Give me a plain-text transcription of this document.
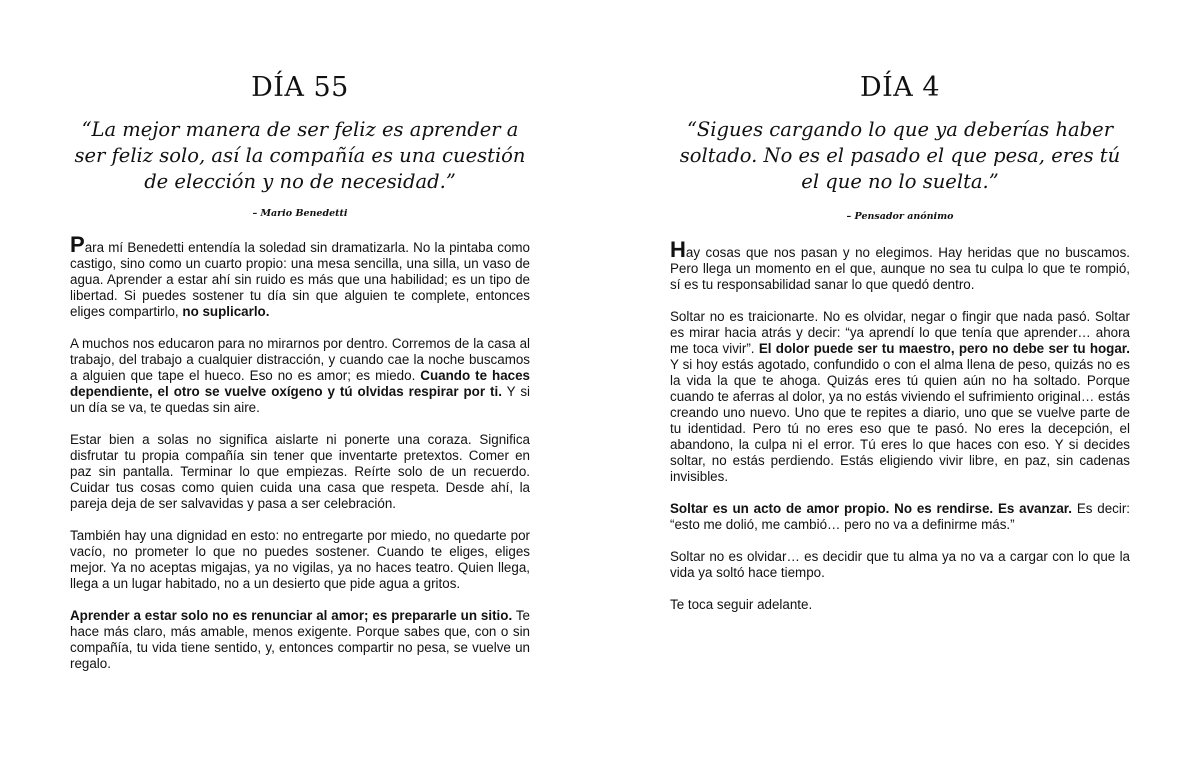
DÍA 55

“La mejor manera de ser feliz es aprender a ser feliz solo, así la compañía es una cuestión de elección y no de necesidad.”

– Mario Benedetti

Para mí Benedetti entendía la soledad sin dramatizarla. No la pintaba como castigo, sino como un cuarto propio: una mesa sencilla, una silla, un vaso de agua. Aprender a estar ahí sin ruido es más que una habilidad; es un tipo de libertad. Si puedes sostener tu día sin que alguien te complete, entonces eliges compartirlo, no suplicarlo.

A muchos nos educaron para no mirarnos por dentro. Corremos de la casa al trabajo, del trabajo a cualquier distracción, y cuando cae la noche buscamos a alguien que tape el hueco. Eso no es amor; es miedo. Cuando te haces dependiente, el otro se vuelve oxígeno y tú olvidas respirar por ti. Y si un día se va, te quedas sin aire.

Estar bien a solas no significa aislarte ni ponerte una coraza. Significa disfrutar tu propia compañía sin tener que inventarte pretextos. Comer en paz sin pantalla. Terminar lo que empiezas. Reírte solo de un recuerdo. Cuidar tus cosas como quien cuida una casa que respeta. Desde ahí, la pareja deja de ser salvavidas y pasa a ser celebración.

También hay una dignidad en esto: no entregarte por miedo, no quedarte por vacío, no prometer lo que no puedes sostener. Cuando te eliges, eliges mejor. Ya no aceptas migajas, ya no vigilas, ya no haces teatro. Quien llega, llega a un lugar habitado, no a un desierto que pide agua a gritos.

Aprender a estar solo no es renunciar al amor; es prepararle un sitio. Te hace más claro, más amable, menos exigente. Porque sabes que, con o sin compañía, tu vida tiene sentido, y, entonces compartir no pesa, se vuelve un regalo.

DÍA 4

“Sigues cargando lo que ya deberías haber soltado. No es el pasado el que pesa, eres tú el que no lo suelta.”

– Pensador anónimo

Hay cosas que nos pasan y no elegimos. Hay heridas que no buscamos. Pero llega un momento en el que, aunque no sea tu culpa lo que te rompió, sí es tu responsabilidad sanar lo que quedó dentro.

Soltar no es traicionarte. No es olvidar, negar o fingir que nada pasó. Soltar es mirar hacia atrás y decir: “ya aprendí lo que tenía que aprender… ahora me toca vivir”. El dolor puede ser tu maestro, pero no debe ser tu hogar. Y si hoy estás agotado, confundido o con el alma llena de peso, quizás no es la vida la que te ahoga. Quizás eres tú quien aún no ha soltado. Porque cuando te aferras al dolor, ya no estás viviendo el sufrimiento original… estás creando uno nuevo. Uno que te repites a diario, uno que se vuelve parte de tu identidad. Pero tú no eres eso que te pasó. No eres la decepción, el abandono, la culpa ni el error. Tú eres lo que haces con eso. Y si decides soltar, no estás perdiendo. Estás eligiendo vivir libre, en paz, sin cadenas invisibles.

Soltar es un acto de amor propio. No es rendirse. Es avanzar. Es decir: “esto me dolió, me cambió… pero no va a definirme más.”

Soltar no es olvidar… es decidir que tu alma ya no va a cargar con lo que la vida ya soltó hace tiempo.

Te toca seguir adelante.
